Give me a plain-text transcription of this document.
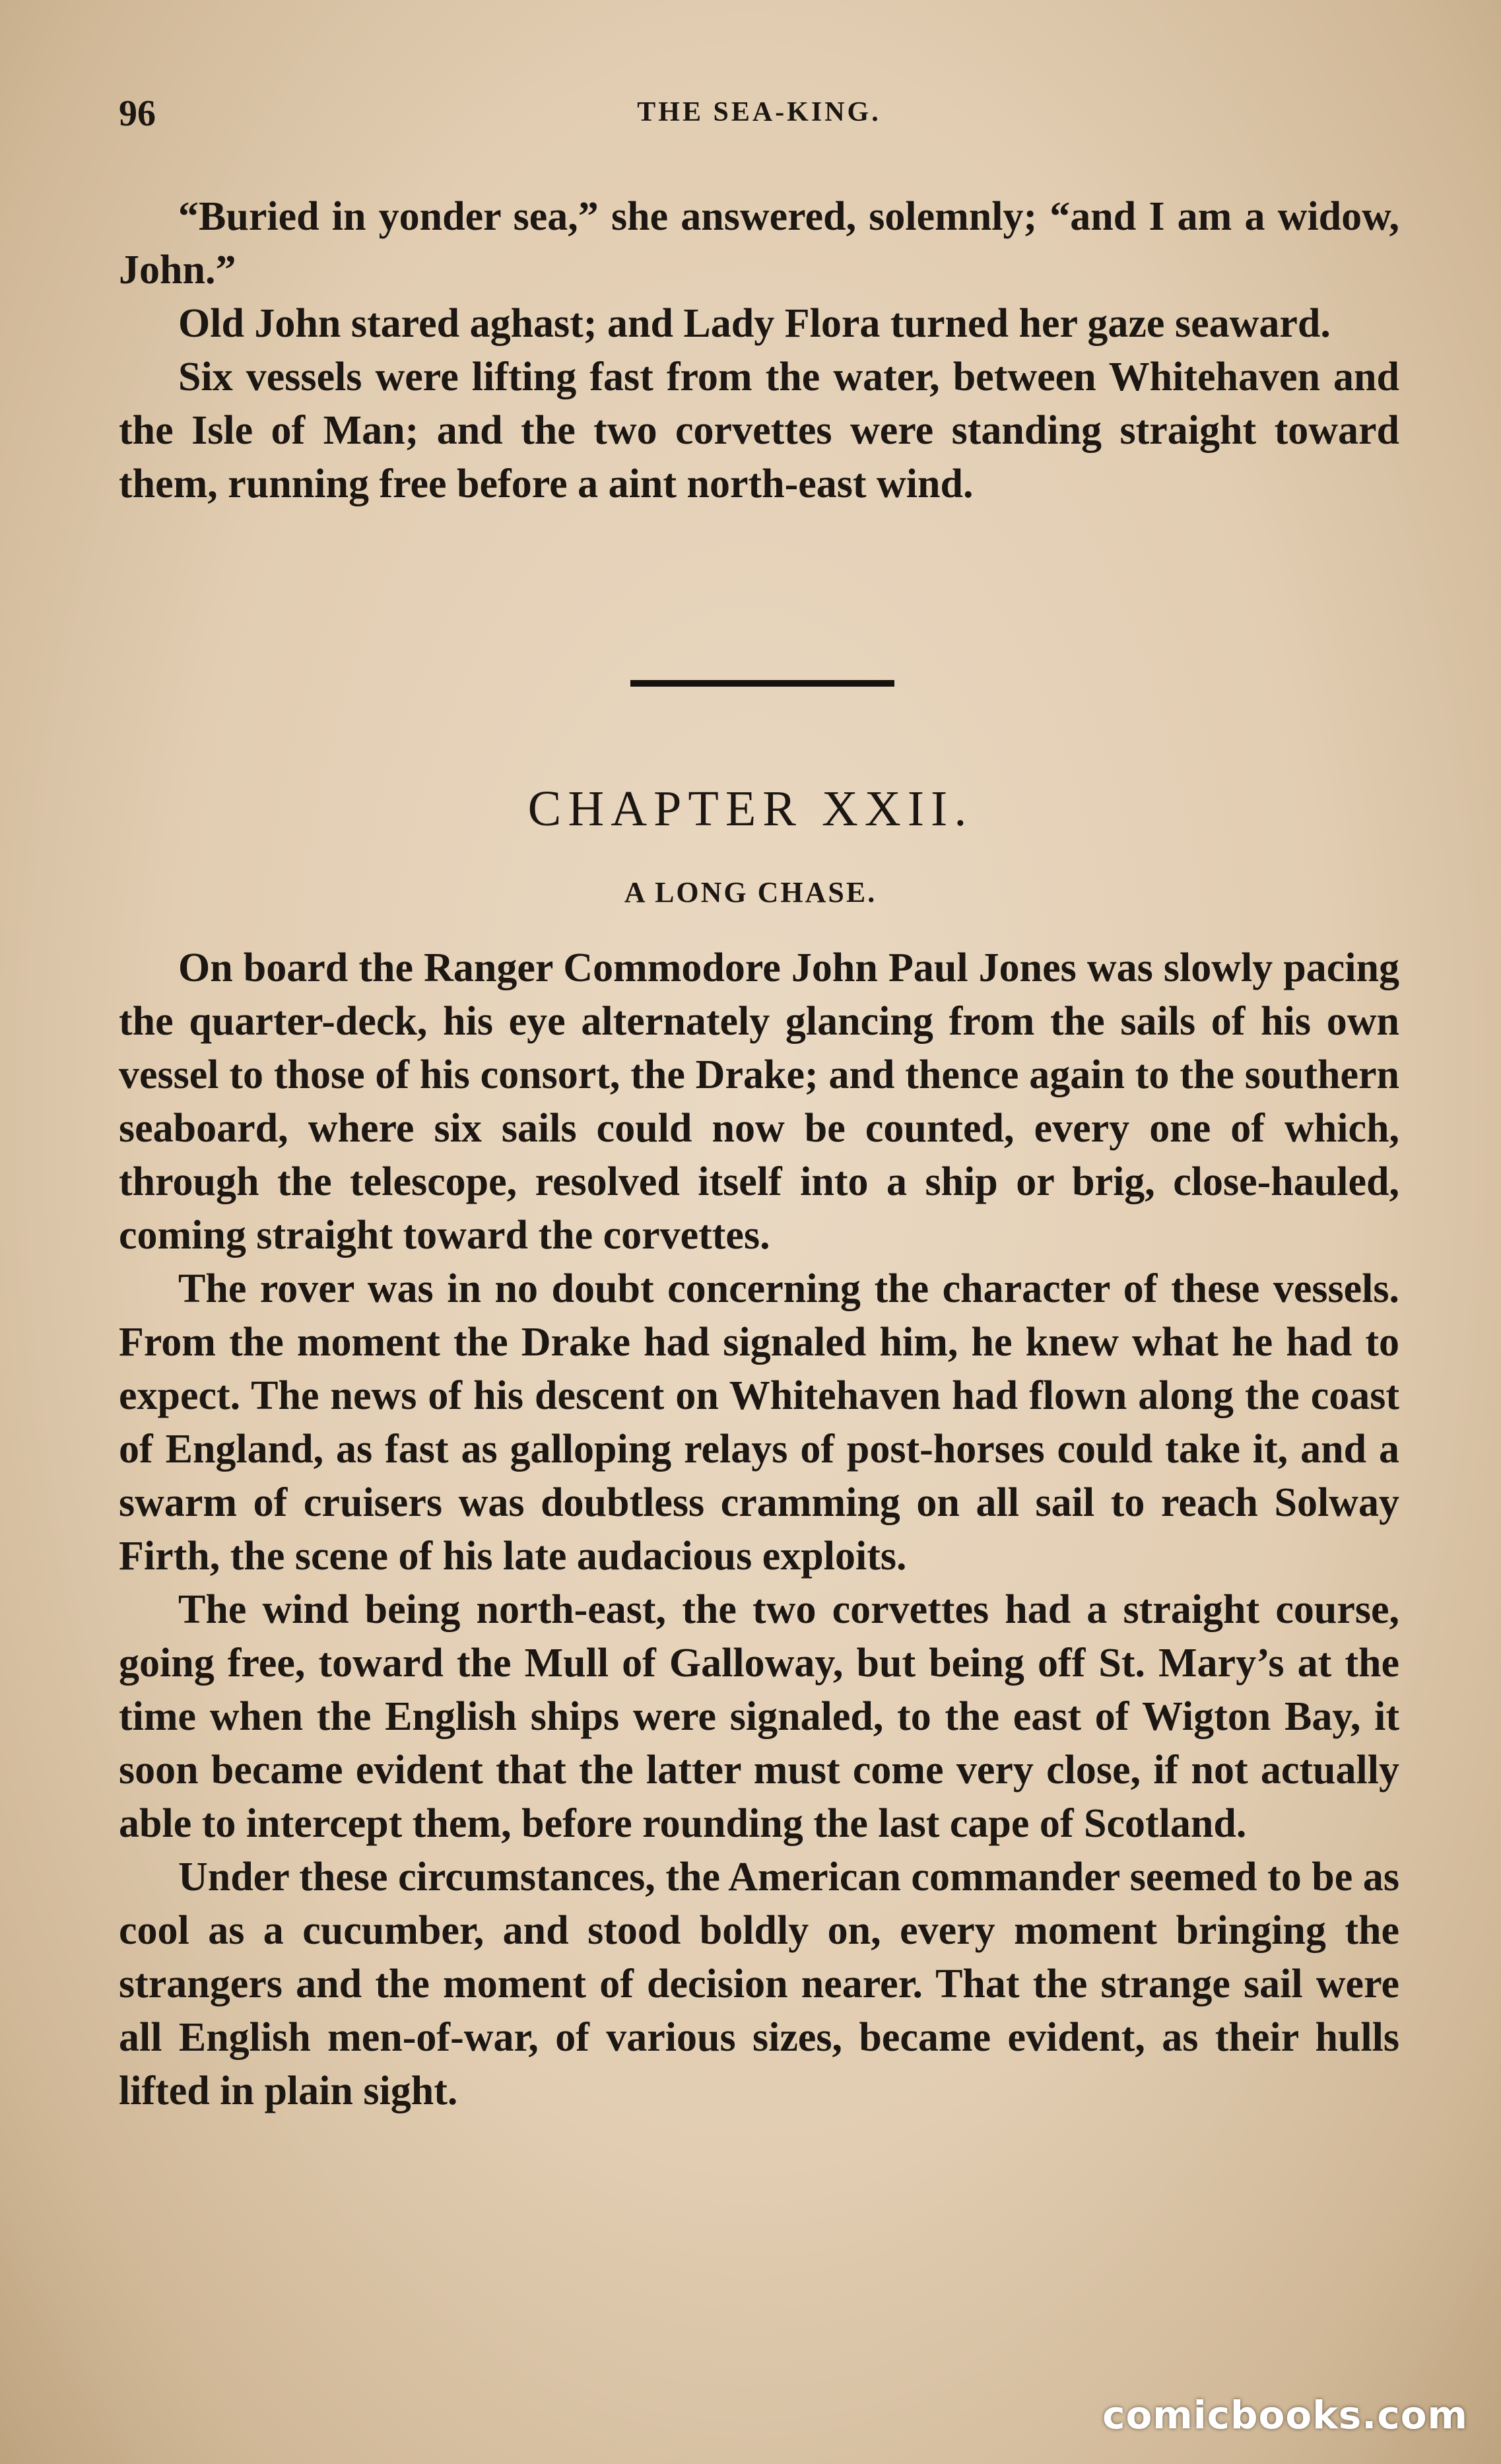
96	THE SEA-KING.

“Buried in yonder sea,” she answered, solemnly; “and I am a widow, John.”

Old John stared aghast; and Lady Flora turned her gaze seaward.

Six vessels were lifting fast from the water, between Whitehaven and the Isle of Man; and the two corvettes were standing straight toward them, running free before a aint north-east wind.

CHAPTER XXII.
A LONG CHASE.

On board the Ranger Commodore John Paul Jones was slowly pacing the quarter-deck, his eye alternately glancing from the sails of his own vessel to those of his consort, the Drake; and thence again to the southern seaboard, where six sails could now be counted, every one of which, through the telescope, resolved itself into a ship or brig, close-hauled, coming straight toward the corvettes.

The rover was in no doubt concerning the character of these vessels. From the moment the Drake had signaled him, he knew what he had to expect. The news of his descent on Whitehaven had flown along the coast of England, as fast as galloping relays of post-horses could take it, and a swarm of cruisers was doubtless cramming on all sail to reach Solway Firth, the scene of his late audacious exploits.

The wind being north-east, the two corvettes had a straight course, going free, toward the Mull of Galloway, but being off St. Mary’s at the time when the English ships were signaled, to the east of Wigton Bay, it soon became evident that the latter must come very close, if not actually able to intercept them, before rounding the last cape of Scotland.

Under these circumstances, the American commander seemed to be as cool as a cucumber, and stood boldly on, every moment bringing the strangers and the moment of decision nearer. That the strange sail were all English men-of-war, of various sizes, became evident, as their hulls lifted in plain sight.

comicbooks.com
